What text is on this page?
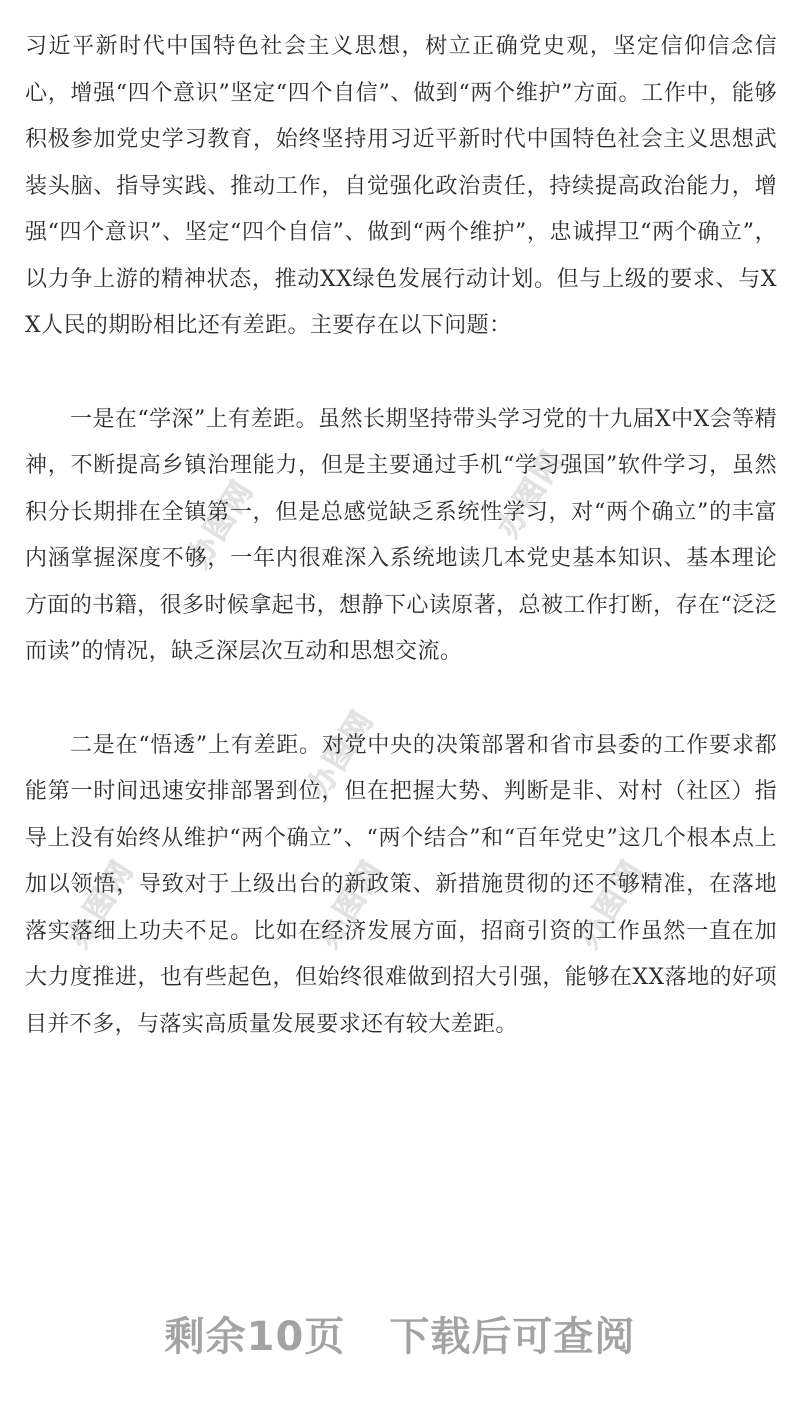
办图网	办图网
办图网
办图网	办图网	办图网

习近平新时代中国特色社会主义思想，树立正确党史观，坚定信仰信念信心，增强“四个意识”坚定“四个自信”、做到“两个维护”方面。工作中，能够积极参加党史学习教育，始终坚持用习近平新时代中国特色社会主义思想武装头脑、指导实践、推动工作，自觉强化政治责任，持续提高政治能力，增强“四个意识”、坚定“四个自信”、做到“两个维护”，忠诚捍卫“两个确立”，以力争上游的精神状态，推动XX绿色发展行动计划。但与上级的要求、与XX人民的期盼相比还有差距。主要存在以下问题：

一是在“学深”上有差距。虽然长期坚持带头学习党的十九届X中X会等精神，不断提高乡镇治理能力，但是主要通过手机“学习强国”软件学习，虽然积分长期排在全镇第一，但是总感觉缺乏系统性学习，对“两个确立”的丰富内涵掌握深度不够，一年内很难深入系统地读几本党史基本知识、基本理论方面的书籍，很多时候拿起书，想静下心读原著，总被工作打断，存在“泛泛而读”的情况，缺乏深层次互动和思想交流。

二是在“悟透”上有差距。对党中央的决策部署和省市县委的工作要求都能第一时间迅速安排部署到位，但在把握大势、判断是非、对村（社区）指导上没有始终从维护“两个确立”、“两个结合”和“百年党史”这几个根本点上加以领悟，导致对于上级出台的新政策、新措施贯彻的还不够精准，在落地落实落细上功夫不足。比如在经济发展方面，招商引资的工作虽然一直在加大力度推进，也有些起色，但始终很难做到招大引强，能够在XX落地的好项目并不多，与落实高质量发展要求还有较大差距。

剩余10页 下载后可查阅
